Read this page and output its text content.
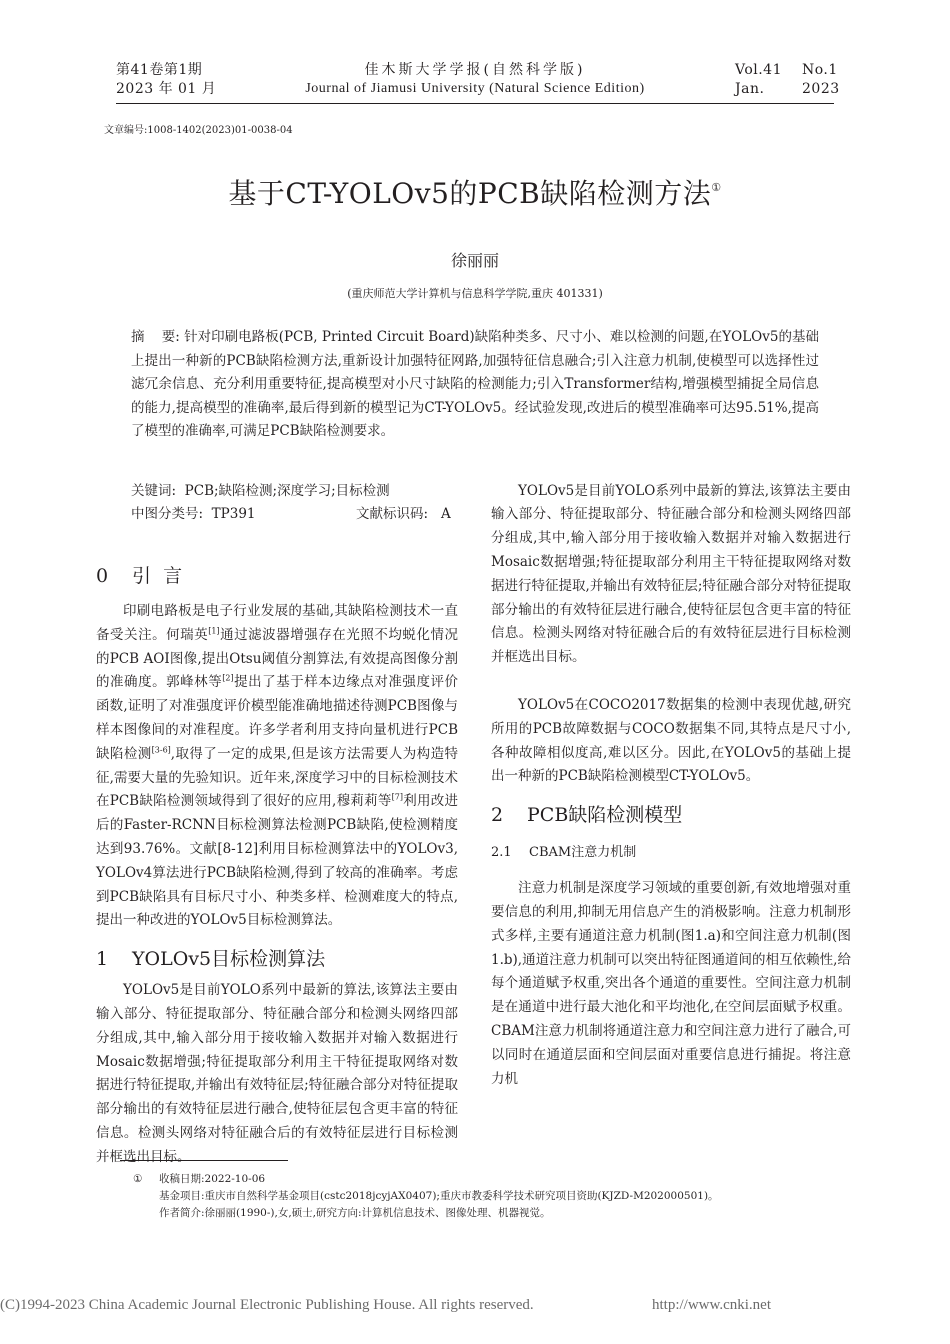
第41卷第1期
2023 年 01 月
佳木斯大学学报(自然科学版)
Journal of Jiamusi University (Natural Science Edition)
Vol.41 No.1
Jan.	2023
文章编号:1008-1402(2023)01-0038-04
基于CT-YOLOv5的PCB缺陷检测方法①
徐丽丽
(重庆师范大学计算机与信息科学学院,重庆 401331)
摘    要: 针对印刷电路板(PCB, Printed Circuit Board)缺陷种类多、尺寸小、难以检测的问题,在YOLOv5的基础上提出一种新的PCB缺陷检测方法,重新设计加强特征网路,加强特征信息融合;引入注意力机制,使模型可以选择性过滤冗余信息、充分利用重要特征,提高模型对小尺寸缺陷的检测能力;引入Transformer结构,增强模型捕捉全局信息的能力,提高模型的准确率,最后得到新的模型记为CT-YOLOv5。经试验发现,改进后的模型准确率可达95.51%,提高了模型的准确率,可满足PCB缺陷检测要求。
关键词: PCB;缺陷检测;深度学习;目标检测
中图分类号: TP391	文献标识码: A
0 引  言

印刷电路板是电子行业发展的基础,其缺陷检测技术一直备受关注。何瑞英[1]通过滤波器增强存在光照不均蜕化情况的PCB AOI图像,提出Otsu阈值分割算法,有效提高图像分割的准确度。郭峰林等[2]提出了基于样本边缘点对准强度评价函数,证明了对准强度评价模型能准确地描述待测PCB图像与样本图像间的对准程度。许多学者利用支持向量机进行PCB缺陷检测[3-6],取得了一定的成果,但是该方法需要人为构造特征,需要大量的先验知识。近年来,深度学习中的目标检测技术在PCB缺陷检测领域得到了很好的应用,穆莉莉等[7]利用改进后的Faster-RCNN目标检测算法检测PCB缺陷,使检测精度达到93.76%。文献[8-12]利用目标检测算法中的YOLOv3, YOLOv4算法进行PCB缺陷检测,得到了较高的准确率。考虑到PCB缺陷具有目标尺寸小、种类多样、检测难度大的特点,提出一种改进的YOLOv5目标检测算法。

1 YOLOv5目标检测算法

YOLOv5是目前YOLO系列中最新的算法,该算法主要由输入部分、特征提取部分、特征融合部分和检测头网络四部分组成,其中,输入部分用于接收输入数据并对输入数据进行Mosaic数据增强;特征提取部分利用主干特征提取网络对数据进行特征提取,并输出有效特征层;特征融合部分对特征提取部分输出的有效特征层进行融合,使特征层包含更丰富的特征信息。检测头网络对特征融合后的有效特征层进行目标检测并框选出目标。

① 收稿日期:2022-10-06
基金项目:重庆市自然科学基金项目(cstc2018jcyjAX0407);重庆市教委科学技术研究项目资助(KJZD-M202000501)。
作者简介:徐丽丽(1990-),女,硕士,研究方向:计算机信息技术、图像处理、机器视觉。

YOLOv5是目前YOLO系列中最新的算法,该算法主要由输入部分、特征提取部分、特征融合部分和检测头网络四部分组成,其中,输入部分用于接收输入数据并对输入数据进行Mosaic数据增强;特征提取部分利用主干特征提取网络对数据进行特征提取,并输出有效特征层;特征融合部分对特征提取部分输出的有效特征层进行融合,使特征层包含更丰富的特征信息。检测头网络对特征融合后的有效特征层进行目标检测并框选出目标。

YOLOv5在COCO2017数据集的检测中表现优越,研究所用的PCB故障数据与COCO数据集不同,其特点是尺寸小,各种故障相似度高,难以区分。因此,在YOLOv5的基础上提出一种新的PCB缺陷检测模型CT-YOLOv5。

2 PCB缺陷检测模型
2.1 CBAM注意力机制

注意力机制是深度学习领域的重要创新,有效地增强对重要信息的利用,抑制无用信息产生的消极影响。注意力机制形式多样,主要有通道注意力机制(图1.a)和空间注意力机制(图1.b),通道注意力机制可以突出特征图通道间的相互依赖性,给每个通道赋予权重,突出各个通道的重要性。空间注意力机制是在通道中进行最大池化和平均池化,在空间层面赋予权重。CBAM注意力机制将通道注意力和空间注意力进行了融合,可以同时在通道层面和空间层面对重要信息进行捕捉。将注意力机

(C)1994-2023 China Academic Journal Electronic Publishing House. All rights reserved.	http://www.cnki.net
